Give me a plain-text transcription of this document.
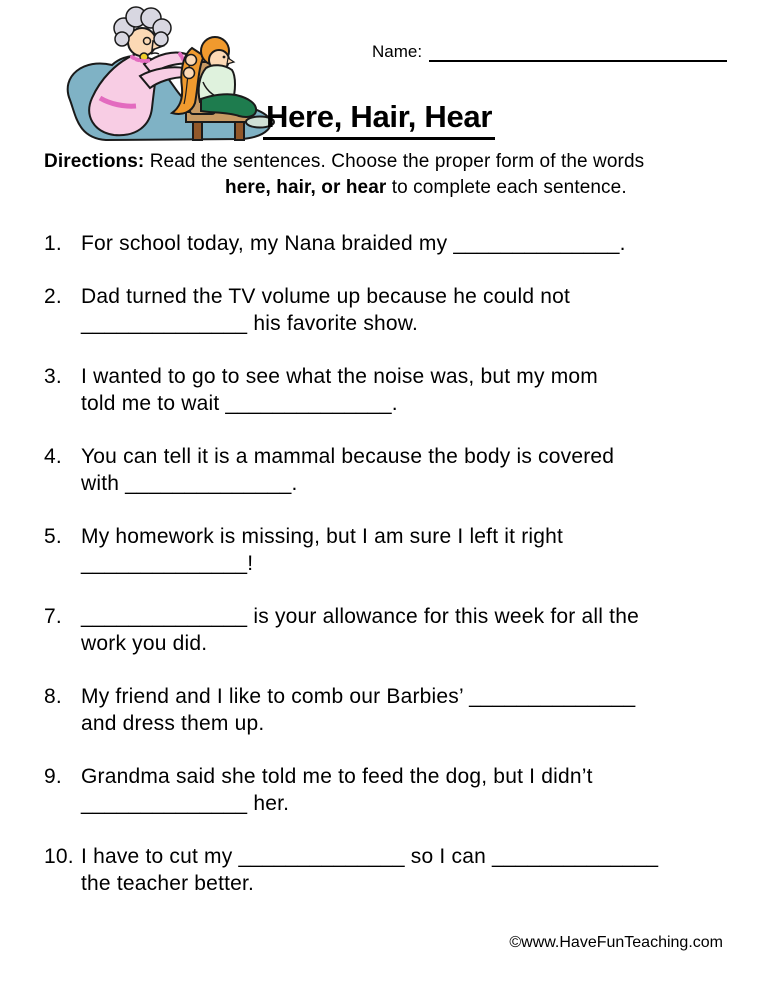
Name:
Here, Hair, Hear
Directions: Read the sentences. Choose the proper form of the words
here, hair, or hear to complete each sentence.
1. For school today, my Nana braided my ______________.
2. Dad turned the TV volume up because he could not
______________ his favorite show.
3. I wanted to go to see what the noise was, but my mom
told me to wait ______________.
4. You can tell it is a mammal because the body is covered
with ______________.
5. My homework is missing, but I am sure I left it right
______________!
7. ______________ is your allowance for this week for all the
work you did.
8. My friend and I like to comb our Barbies’ ______________
and dress them up.
9. Grandma said she told me to feed the dog, but I didn’t
______________ her.
10. I have to cut my ______________ so I can ______________
the teacher better.
©www.HaveFunTeaching.com
